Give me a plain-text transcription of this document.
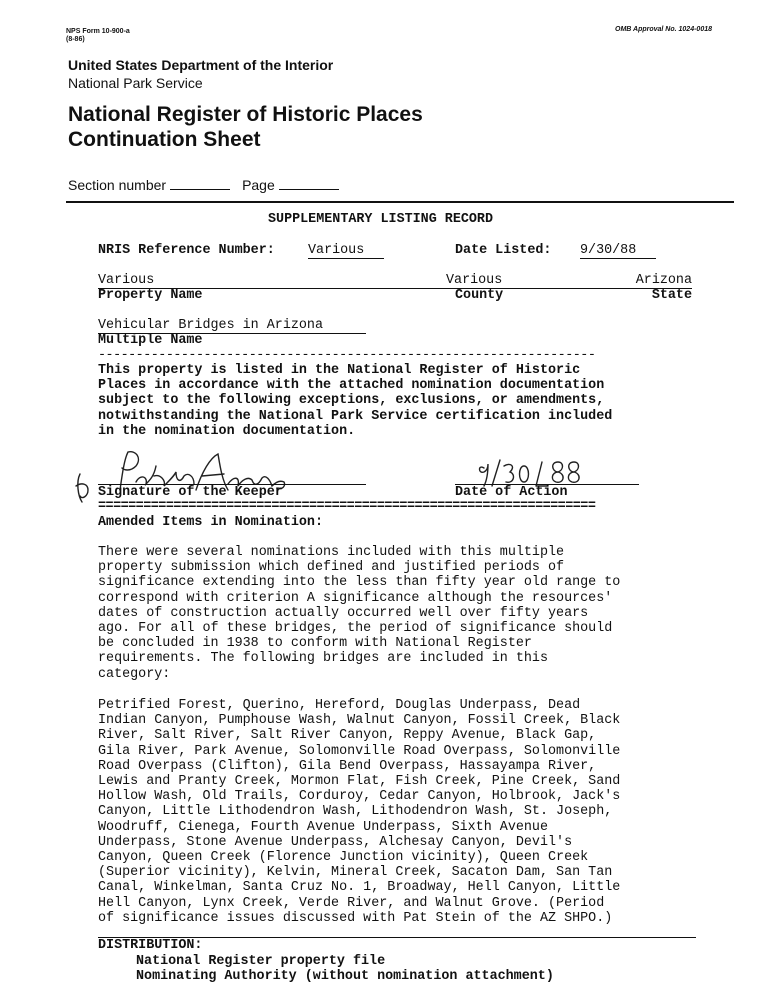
NPS Form 10-900-a
(8-86)
OMB Approval No. 1024-0018
United States Department of the Interior
National Park Service
National Register of Historic Places
Continuation Sheet
Section number	Page
SUPPLEMENTARY LISTING RECORD
NRIS Reference Number: Various	Date Listed: 9/30/88
Various	Various	Arizona
Property Name	County	State
Vehicular Bridges in Arizona
Multiple Name
------------------------------------------------------------------
This property is listed in the National Register of Historic
Places in accordance with the attached nomination documentation
subject to the following exceptions, exclusions, or amendments,
notwithstanding the National Park Service certification included
in the nomination documentation.
Signature of the Keeper	Date of Action
==================================================================
Amended Items in Nomination:
There were several nominations included with this multiple
property submission which defined and justified periods of
significance extending into the less than fifty year old range to
correspond with criterion A significance although the resources'
dates of construction actually occurred well over fifty years
ago. For all of these bridges, the period of significance should
be concluded in 1938 to conform with National Register
requirements. The following bridges are included in this
category:
Petrified Forest, Querino, Hereford, Douglas Underpass, Dead
Indian Canyon, Pumphouse Wash, Walnut Canyon, Fossil Creek, Black
River, Salt River, Salt River Canyon, Reppy Avenue, Black Gap,
Gila River, Park Avenue, Solomonville Road Overpass, Solomonville
Road Overpass (Clifton), Gila Bend Overpass, Hassayampa River,
Lewis and Pranty Creek, Mormon Flat, Fish Creek, Pine Creek, Sand
Hollow Wash, Old Trails, Corduroy, Cedar Canyon, Holbrook, Jack's
Canyon, Little Lithodendron Wash, Lithodendron Wash, St. Joseph,
Woodruff, Cienega, Fourth Avenue Underpass, Sixth Avenue
Underpass, Stone Avenue Underpass, Alchesay Canyon, Devil's
Canyon, Queen Creek (Florence Junction vicinity), Queen Creek
(Superior vicinity), Kelvin, Mineral Creek, Sacaton Dam, San Tan
Canal, Winkelman, Santa Cruz No. 1, Broadway, Hell Canyon, Little
Hell Canyon, Lynx Creek, Verde River, and Walnut Grove. (Period
of significance issues discussed with Pat Stein of the AZ SHPO.)
DISTRIBUTION:
National Register property file
Nominating Authority (without nomination attachment)
